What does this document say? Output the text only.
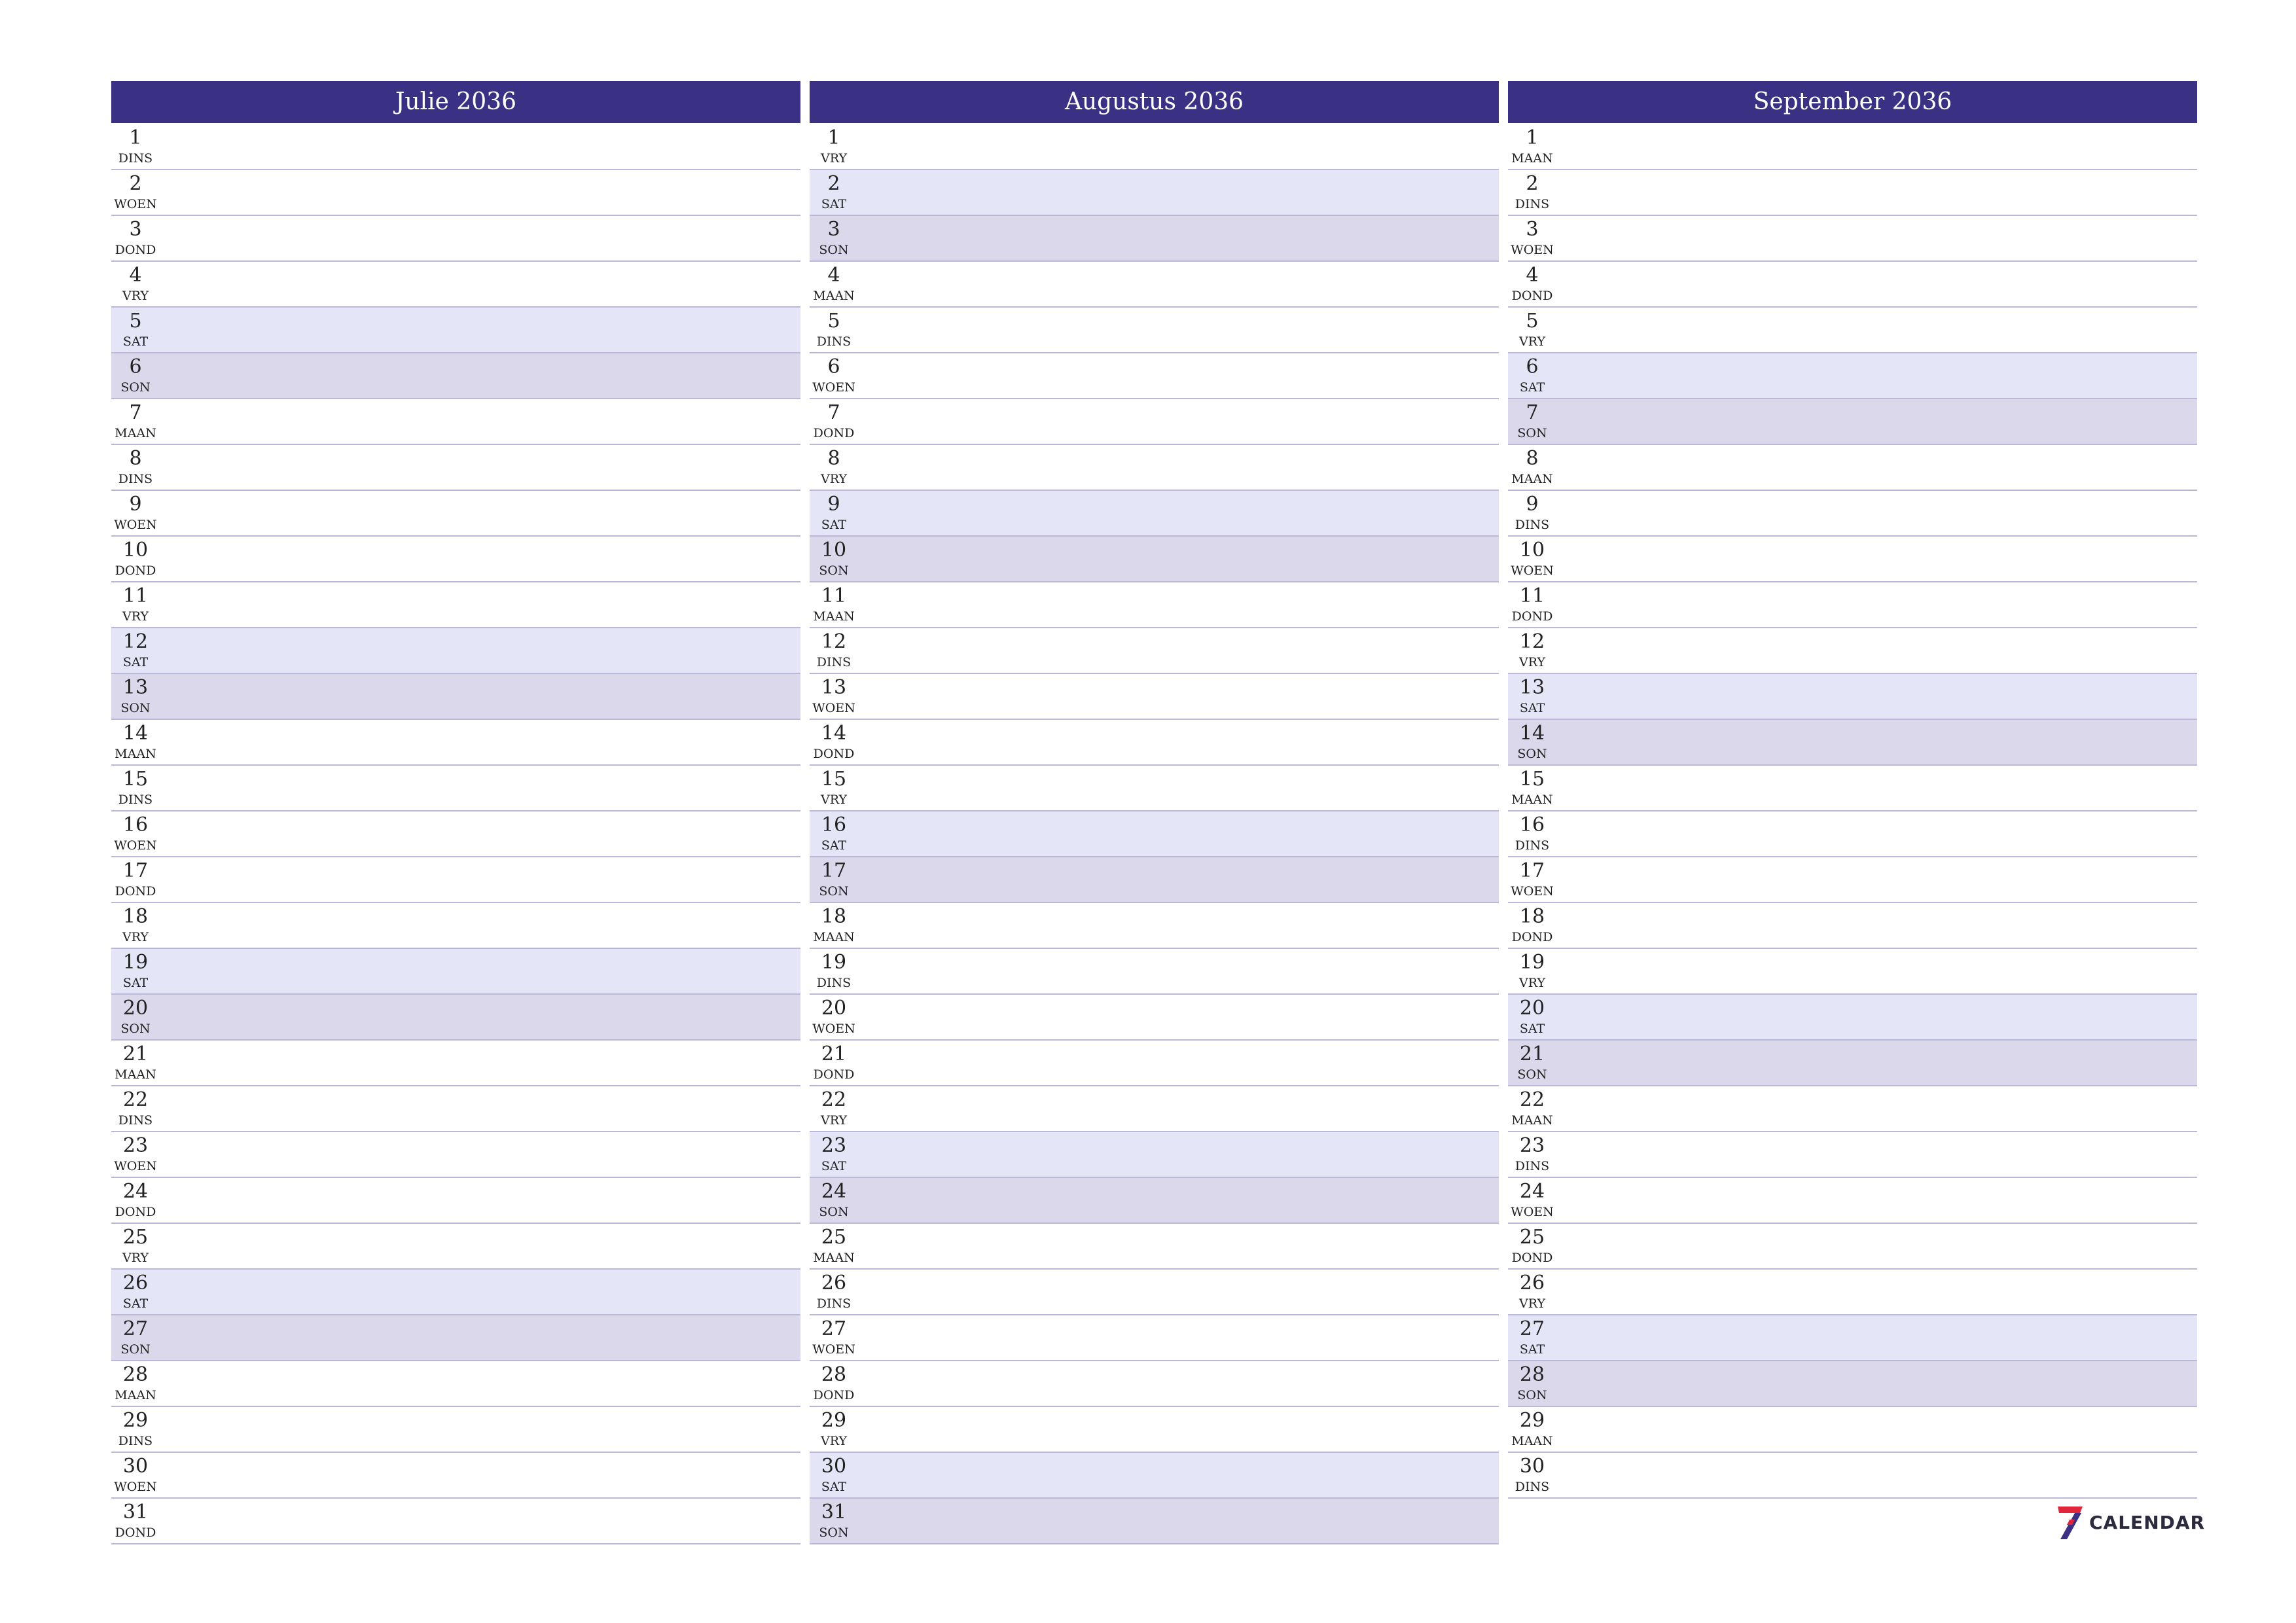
Julie 2036
1
DINS
2
WOEN
3
DOND
4
VRY
5
SAT
6
SON
7
MAAN
8
DINS
9
WOEN
10
DOND
11
VRY
12
SAT
13
SON
14
MAAN
15
DINS
16
WOEN
17
DOND
18
VRY
19
SAT
20
SON
21
MAAN
22
DINS
23
WOEN
24
DOND
25
VRY
26
SAT
27
SON
28
MAAN
29
DINS
30
WOEN
31
DOND
Augustus 2036
1
VRY
2
SAT
3
SON
4
MAAN
5
DINS
6
WOEN
7
DOND
8
VRY
9
SAT
10
SON
11
MAAN
12
DINS
13
WOEN
14
DOND
15
VRY
16
SAT
17
SON
18
MAAN
19
DINS
20
WOEN
21
DOND
22
VRY
23
SAT
24
SON
25
MAAN
26
DINS
27
WOEN
28
DOND
29
VRY
30
SAT
31
SON
September 2036
1
MAAN
2
DINS
3
WOEN
4
DOND
5
VRY
6
SAT
7
SON
8
MAAN
9
DINS
10
WOEN
11
DOND
12
VRY
13
SAT
14
SON
15
MAAN
16
DINS
17
WOEN
18
DOND
19
VRY
20
SAT
21
SON
22
MAAN
23
DINS
24
WOEN
25
DOND
26
VRY
27
SAT
28
SON
29
MAAN
30
DINS
CALENDAR
